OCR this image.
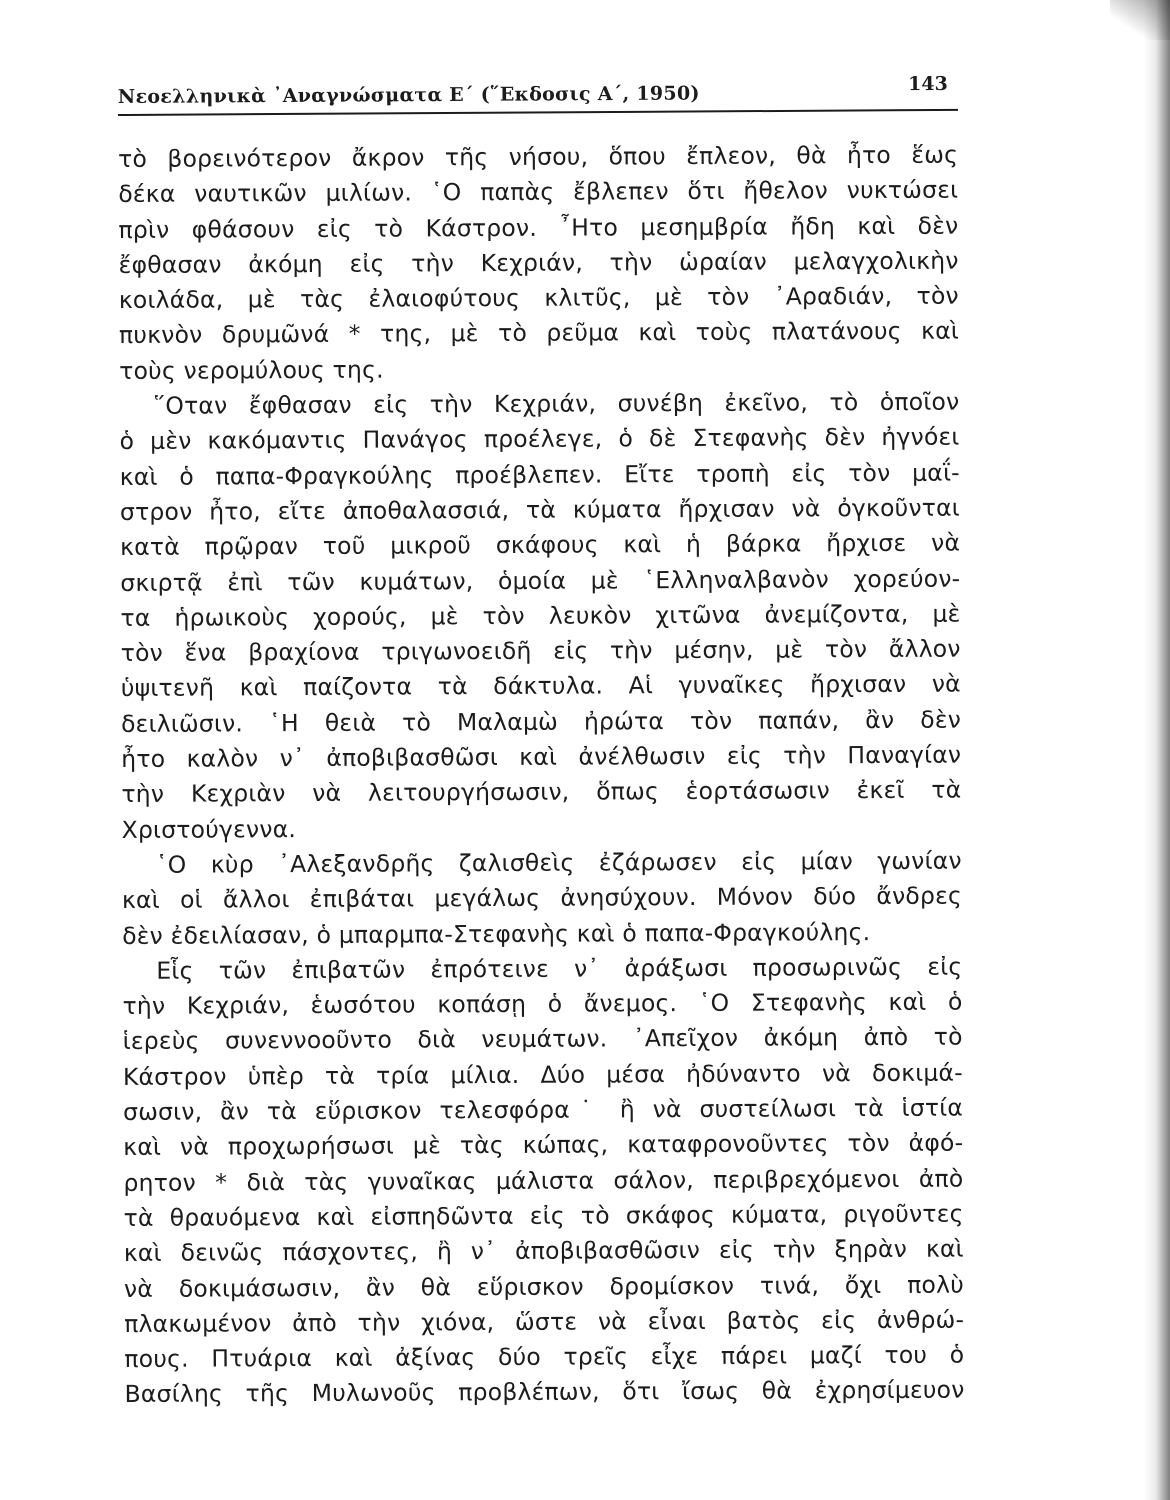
Νεοελληνικὰ ᾿Αναγνώσματα Ε΄ (῞Εκδοσις Α΄, 1950)	143
τὸ βορεινότερον ἄκρον τῆς νήσου, ὅπου ἔπλεον, θὰ ἦτο ἕως
δέκα ναυτικῶν μιλίων. ῾Ο παπὰς ἔβλεπεν ὅτι ἤθελον νυκτώσει
πρὶν φθάσουν εἰς τὸ Κάστρον. ῏Ητο μεσημβρία ἤδη καὶ δὲν
ἔφθασαν ἀκόμη εἰς τὴν Κεχριάν, τὴν ὡραίαν μελαγχολικὴν
κοιλάδα, μὲ τὰς ἐλαιοφύτους κλιτῦς, μὲ τὸν ᾿Αραδιάν, τὸν
πυκνὸν δρυμῶνά * της, μὲ τὸ ρεῦμα καὶ τοὺς πλατάνους καὶ
τοὺς νερομύλους της.
῞Οταν ἔφθασαν εἰς τὴν Κεχριάν, συνέβη ἐκεῖνο, τὸ ὁποῖον
ὁ μὲν κακόμαντις Πανάγος προέλεγε, ὁ δὲ Στεφανὴς δὲν ἠγνόει
καὶ ὁ παπα-Φραγκούλης προέβλεπεν. Εἴτε τροπὴ εἰς τὸν μαΐ-
στρον ἦτο, εἴτε ἀποθαλασσιά, τὰ κύματα ἤρχισαν νὰ ὀγκοῦνται
κατὰ πρῷραν τοῦ μικροῦ σκάφους καὶ ἡ βάρκα ἤρχισε νὰ
σκιρτᾷ ἐπὶ τῶν κυμάτων, ὁμοία μὲ ῾Ελληναλβανὸν χορεύον-
τα ἡρωικοὺς χορούς, μὲ τὸν λευκὸν χιτῶνα ἀνεμίζοντα, μὲ
τὸν ἕνα βραχίονα τριγωνοειδῆ εἰς τὴν μέσην, μὲ τὸν ἄλλον
ὑψιτενῆ καὶ παίζοντα τὰ δάκτυλα. Αἱ γυναῖκες ἤρχισαν νὰ
δειλιῶσιν. ῾Η θειὰ τὸ Μαλαμὼ ἠρώτα τὸν παπάν, ἂν δὲν
ἦτο καλὸν ν᾿ ἀποβιβασθῶσι καὶ ἀνέλθωσιν εἰς τὴν Παναγίαν
τὴν Κεχριὰν νὰ λειτουργήσωσιν, ὅπως ἑορτάσωσιν ἐκεῖ τὰ
Χριστούγεννα.
῾Ο κὺρ ᾿Αλεξανδρῆς ζαλισθεὶς ἐζάρωσεν εἰς μίαν γωνίαν
καὶ οἱ ἄλλοι ἐπιβάται μεγάλως ἀνησύχουν. Μόνον δύο ἄνδρες
δὲν ἐδειλίασαν, ὁ μπαρμπα-Στεφανὴς καὶ ὁ παπα-Φραγκούλης.
Εἷς τῶν ἐπιβατῶν ἐπρότεινε ν᾿ ἀράξωσι προσωρινῶς εἰς
τὴν Κεχριάν, ἑωσότου κοπάσῃ ὁ ἄνεμος. ῾Ο Στεφανὴς καὶ ὁ
ἱερεὺς συνεννοοῦντο διὰ νευμάτων. ᾿Απεῖχον ἀκόμη ἀπὸ τὸ
Κάστρον ὑπὲρ τὰ τρία μίλια. Δύο μέσα ἠδύναντο νὰ δοκιμά-
σωσιν, ἂν τὰ εὕρισκον τελεσφόρα˙ ἢ νὰ συστείλωσι τὰ ἱστία
καὶ νὰ προχωρήσωσι μὲ τὰς κώπας, καταφρονοῦντες τὸν ἀφό-
ρητον * διὰ τὰς γυναῖκας μάλιστα σάλον, περιβρεχόμενοι ἀπὸ
τὰ θραυόμενα καὶ εἰσπηδῶντα εἰς τὸ σκάφος κύματα, ριγοῦντες
καὶ δεινῶς πάσχοντες, ἢ ν᾿ ἀποβιβασθῶσιν εἰς τὴν ξηρὰν καὶ
νὰ δοκιμάσωσιν, ἂν θὰ εὕρισκον δρομίσκον τινά, ὄχι πολὺ
πλακωμένον ἀπὸ τὴν χιόνα, ὥστε νὰ εἶναι βατὸς εἰς ἀνθρώ-
πους. Πτυάρια καὶ ἀξίνας δύο τρεῖς εἶχε πάρει μαζί του ὁ
Βασίλης τῆς Μυλωνοῦς προβλέπων, ὅτι ἴσως θὰ ἐχρησίμευον
